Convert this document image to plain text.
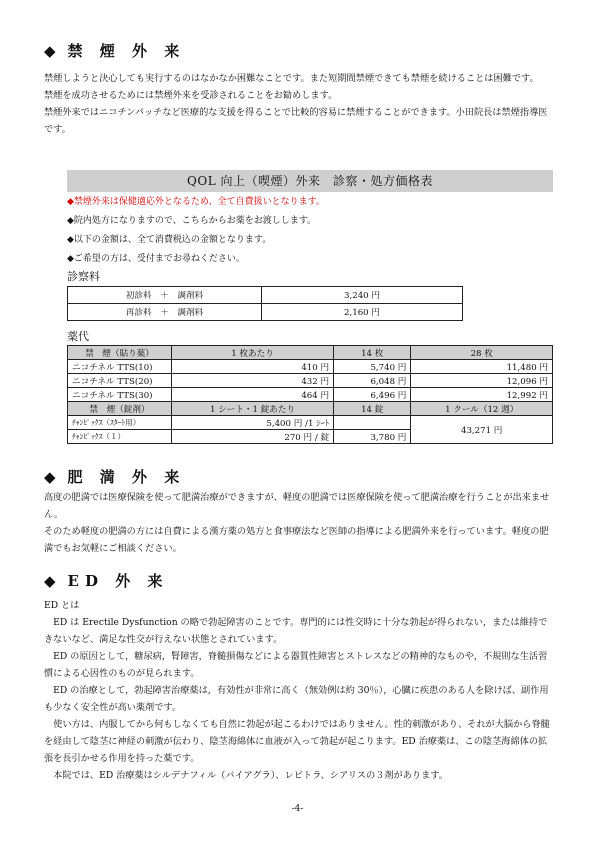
◆ 禁 煙 外 来

禁煙しようと決心しても実行するのはなかなか困難なことです。また短期間禁煙できても禁煙を続けることは困難です。

禁煙を成功させるためには禁煙外来を受診されることをお勧めします。

禁煙外来ではニコチンパッチなど医療的な支援を得ることで比較的容易に禁煙することができます。小田院長は禁煙指導医です。

QOL 向上（喫煙）外来　診察・処方価格表
◆禁煙外来は保健適応外となるため、全て自費扱いとなります。
◆院内処方になりますので、こちらからお薬をお渡しします。
◆以下の金額は、全て消費税込の金額となります。
◆ご希望の方は、受付までお尋ねください。
診察料
初診料　＋　調剤料	3,240 円
再診料　＋　調剤料	2,160 円
薬代
禁　煙（貼り薬）	1 枚あたり	14 枚	28 枚
ニコチネル TTS(10)	410 円	5,740 円	11,480 円
ニコチネル TTS(20)	432 円	6,048 円	12,096 円
ニコチネル TTS(30)	464 円	6,496 円	12,992 円
禁　煙（錠剤）	1 シート・1 錠あたり	14 錠	1 クール（12 週）
ﾁｬﾝﾋﾟｯｸｽ（ｽﾀｰﾄ用）	5,400 円 /1 ｼｰﾄ		43,271 円
ﾁｬﾝﾋﾟｯｸｽ（１）	270 円 / 錠	3,780 円	
◆ 肥 満 外 来

高度の肥満では医療保険を使って肥満治療ができますが、軽度の肥満では医療保険を使って肥満治療を行うことが出来ません。

そのため軽度の肥満の方には自費による漢方薬の処方と食事療法など医師の指導による肥満外来を行っています。軽度の肥満でもお気軽にご相談ください。

◆ ED 外 来

ED とは

　ED は Erectile Dysfunction の略で勃起障害のことです。専門的には性交時に十分な勃起が得られない，または維持できないなど、満足な性交が行えない状態とされています。

　ED の原因として，糖尿病，腎障害，脊髄損傷などによる器質性障害とストレスなどの精神的なものや，不規則な生活習慣による心因性のものが見られます。

　ED の治療として，勃起障害治療薬は，有効性が非常に高く（無効例は約 30％），心臓に疾患のある人を除けば、副作用も少なく安全性が高い薬剤です。

　使い方は、内服してから何もしなくても自然に勃起が起こるわけではありません。性的刺激があり、それが大脳から脊髄を経由して陰茎に神経の刺激が伝わり、陰茎海綿体に血液が入って勃起が起こります。ED 治療薬は、この陰茎海綿体の拡張を長引かせる作用を持った薬です。

　本院では、ED 治療薬はシルデナフィル（バイアグラ）、レビトラ、シアリスの３剤があります。

-4-
